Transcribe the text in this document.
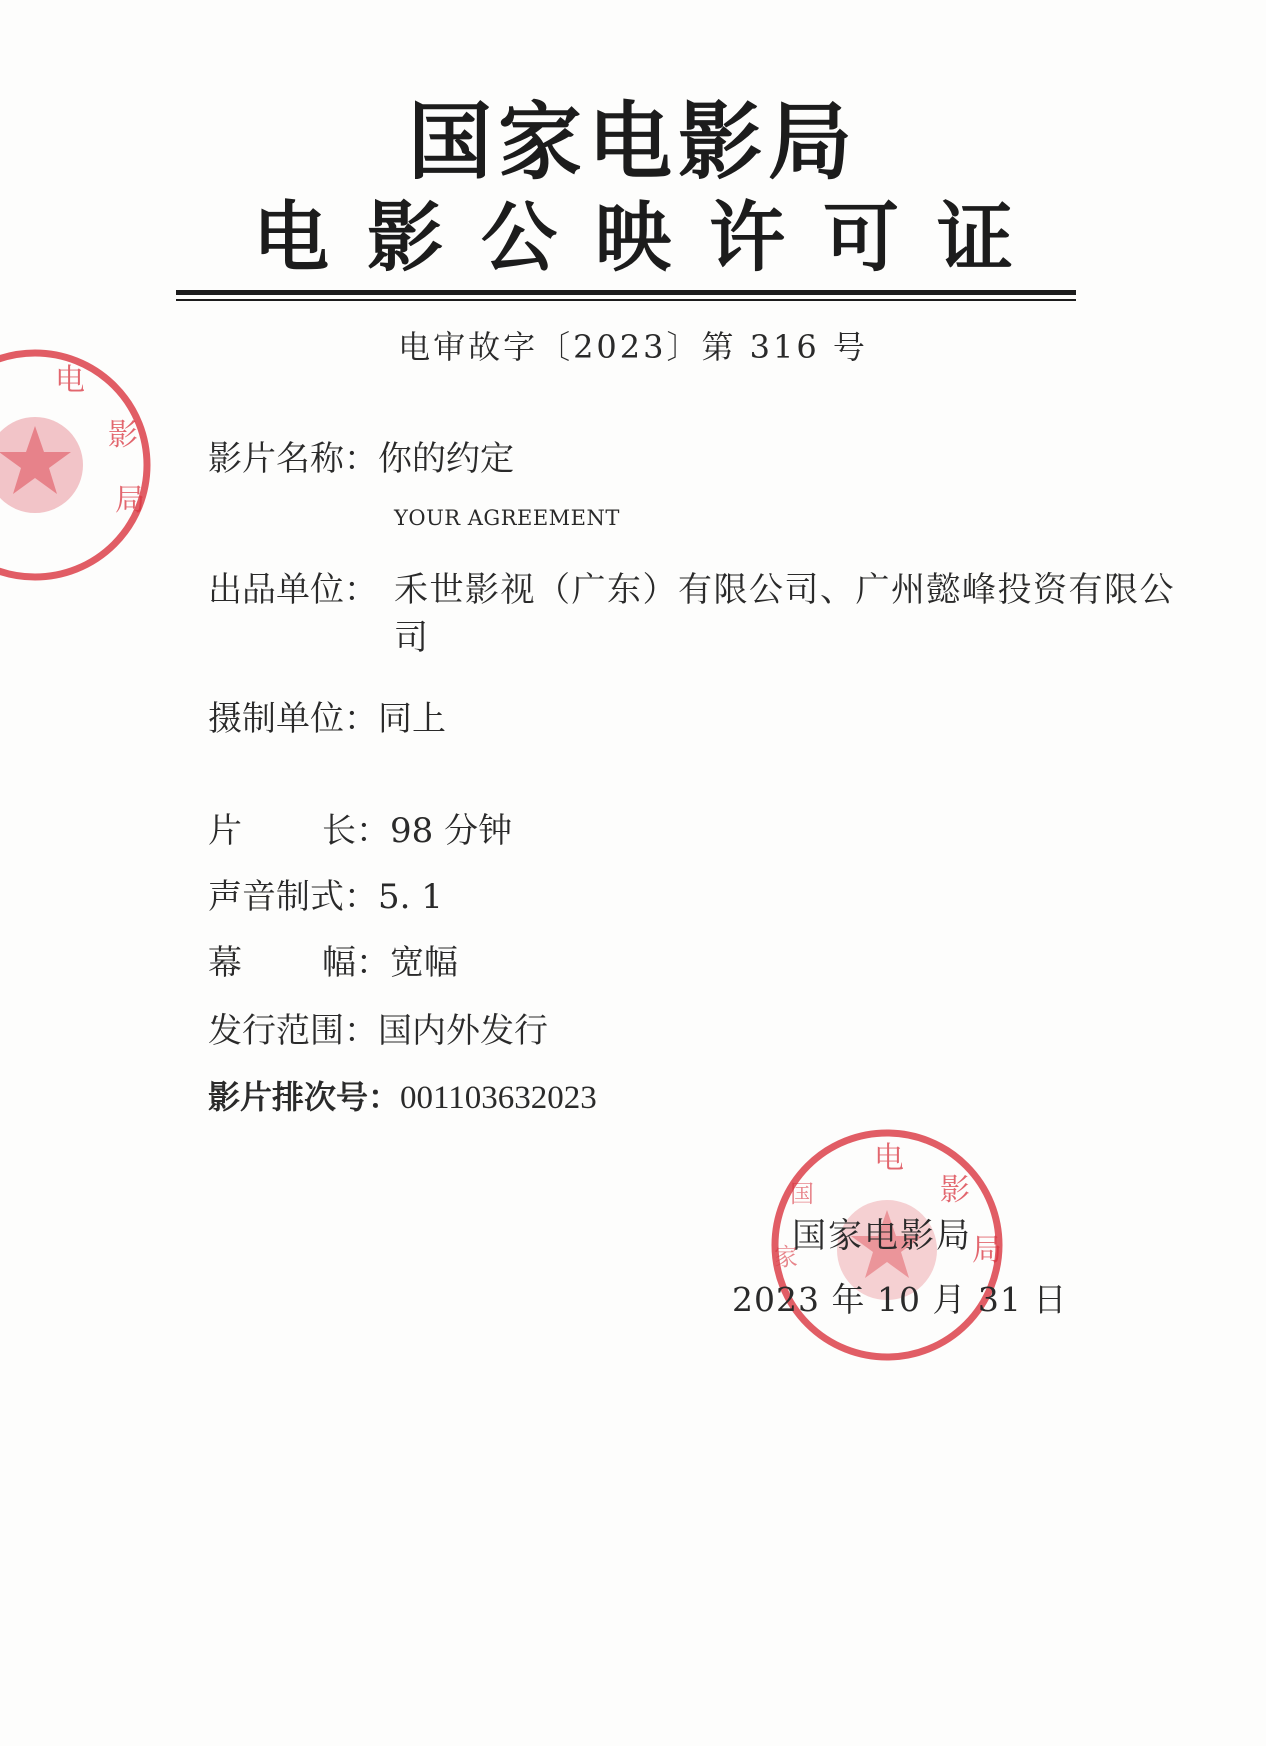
国家电影局
电影公映许可证
电审故字〔2023〕第 316 号
电
影
局
影片名称：你的约定
YOUR AGREEMENT
出品单位： 禾世影视（广东）有限公司、广州懿峰投资有限公司
摄制单位：同上
片 长：98 分钟
声音制式：5. 1
幕 幅：宽幅
发行范围：国内外发行
影片排次号：001103632023
电
影
局
国
家
国家电影局
2023 年 10 月 31 日
